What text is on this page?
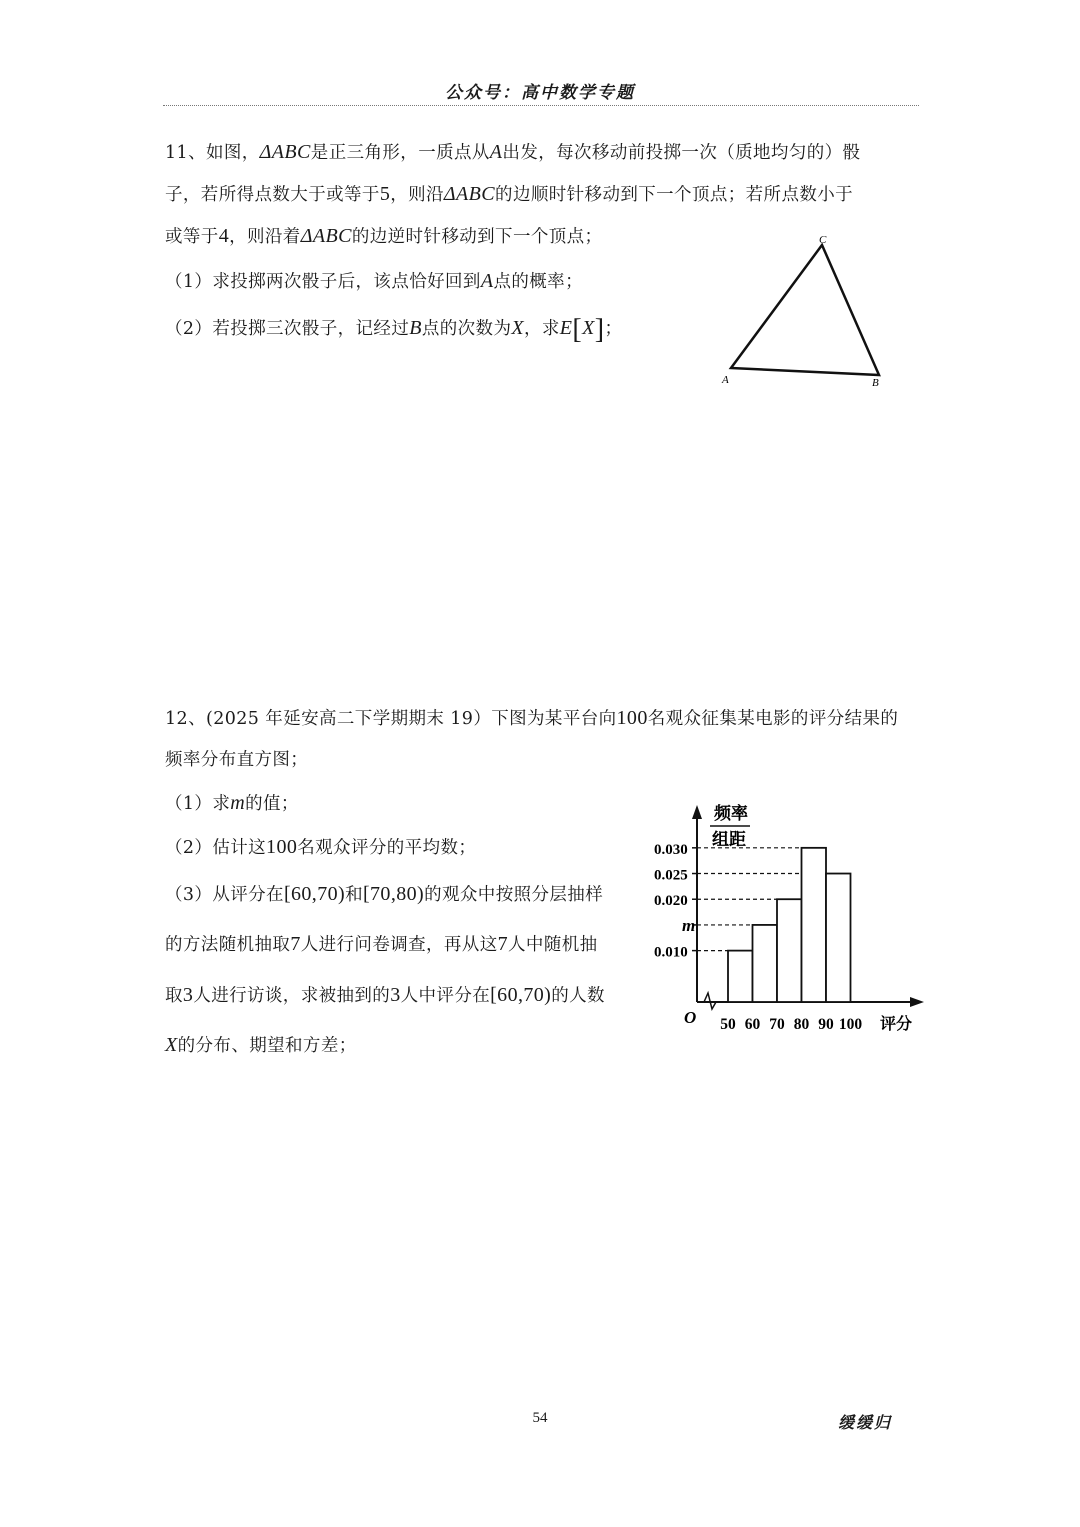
公众号：高中数学专题
11、如图，ΔABC是正三角形，一质点从A出发，每次移动前投掷一次（质地均匀的）骰
子，若所得点数大于或等于5，则沿ΔABC的边顺时针移动到下一个顶点；若所点数小于
或等于4，则沿着ΔABC的边逆时针移动到下一个顶点；
（1）求投掷两次骰子后，该点恰好回到A点的概率；
（2）若投掷三次骰子，记经过B点的次数为X，求E[X]；
A	B
C
12、(2025 年延安高二下学期期末 19）下图为某平台向100名观众征集某电影的评分结果的
频率分布直方图；
（1）求m的值；
（2）估计这100名观众评分的平均数；
（3）从评分在[60,70)和[70,80)的观众中按照分层抽样
的方法随机抽取7人进行问卷调查，再从这7人中随机抽
取3人进行访谈，求被抽到的3人中评分在[60,70)的人数
X的分布、期望和方差；
频率
组距
O	评分
0.010
m
0.020
0.025
0.030
50 60 70 80 90 100
54	缓缓归
